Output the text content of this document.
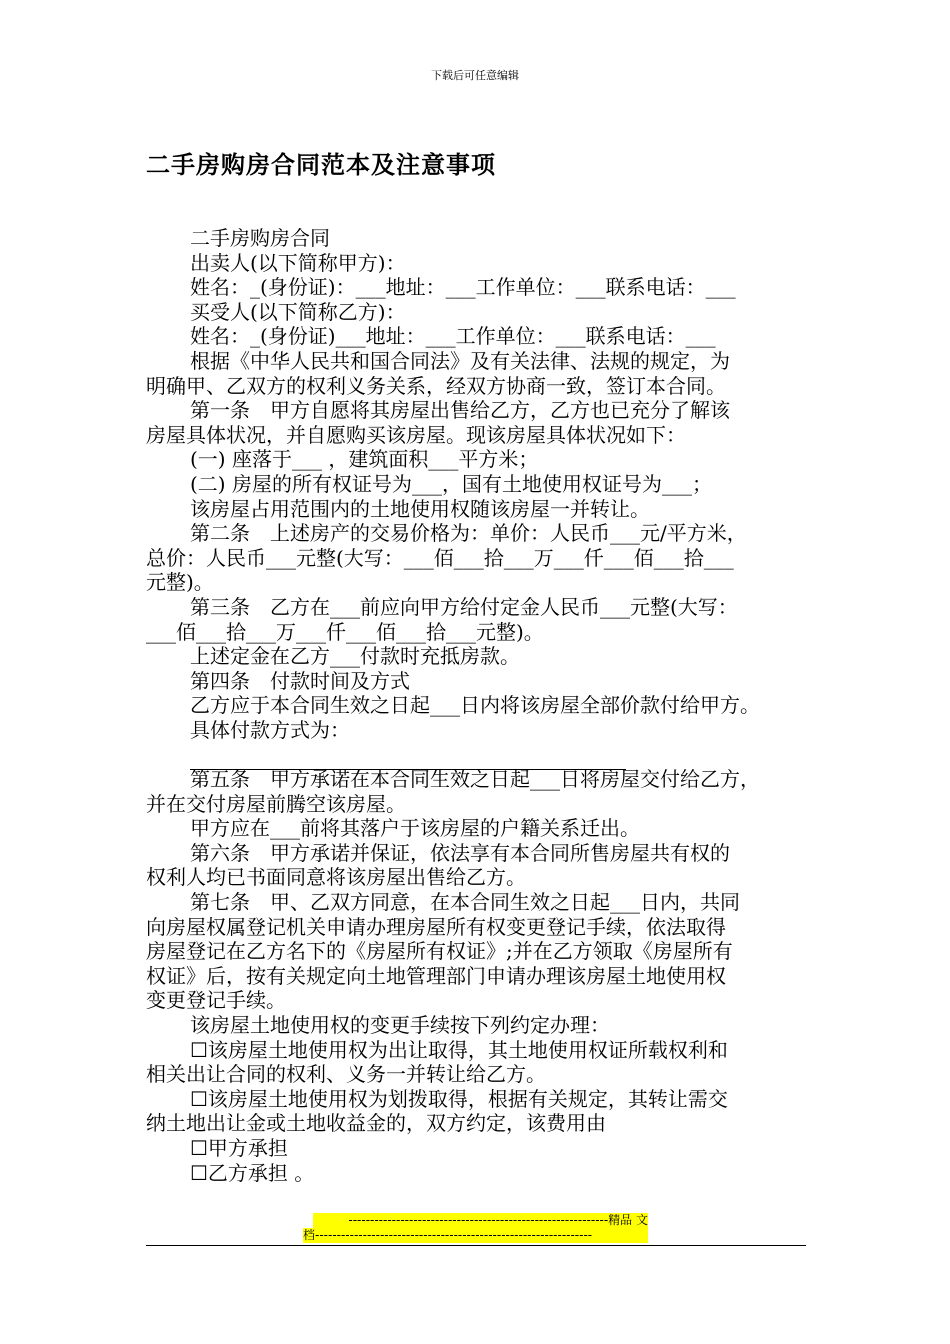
下载后可任意编辑
二手房购房合同范本及注意事项
二手房购房合同
出卖人(以下简称甲方)：
姓名：_(身份证)：___地址：___工作单位：___联系电话：___
买受人(以下简称乙方)：
姓名：_(身份证)___地址：___工作单位：___联系电话：___
根据《中华人民共和国合同法》及有关法律、法规的规定，为
明确甲、乙双方的权利义务关系，经双方协商一致，签订本合同。
第一条　甲方自愿将其房屋出售给乙方，乙方也已充分了解该
房屋具体状况，并自愿购买该房屋。现该房屋具体状况如下：
(一) 座落于___ ，建筑面积___平方米；
(二) 房屋的所有权证号为___，国有土地使用权证号为___；
该房屋占用范围内的土地使用权随该房屋一并转让。
第二条　上述房产的交易价格为：单价：人民币___元/平方米，
总价：人民币___元整(大写：___佰___拾___万___仟___佰___拾___
元整)。
第三条　乙方在___前应向甲方给付定金人民币___元整(大写：
___佰___拾___万___仟___佰___拾___元整)。
上述定金在乙方___付款时充抵房款。
第四条　付款时间及方式
乙方应于本合同生效之日起___日内将该房屋全部价款付给甲方。
具体付款方式为：
第五条　甲方承诺在本合同生效之日起___日将房屋交付给乙方，
并在交付房屋前腾空该房屋。
甲方应在___前将其落户于该房屋的户籍关系迁出。
第六条　甲方承诺并保证，依法享有本合同所售房屋共有权的
权利人均已书面同意将该房屋出售给乙方。
第七条　甲、乙双方同意，在本合同生效之日起___日内，共同
向房屋权属登记机关申请办理房屋所有权变更登记手续，依法取得
房屋登记在乙方名下的《房屋所有权证》;并在乙方领取《房屋所有
权证》后，按有关规定向土地管理部门申请办理该房屋土地使用权
变更登记手续。
该房屋土地使用权的变更手续按下列约定办理：
☐该房屋土地使用权为出让取得，其土地使用权证所载权利和
相关出让合同的权利、义务一并转让给乙方。
☐该房屋土地使用权为划拨取得，根据有关规定，其转让需交
纳土地出让金或土地收益金的，双方约定，该费用由
☐甲方承担
☐乙方承担 。
------------------------------------------------------------精品 文
档----------------------------------------------------------------
